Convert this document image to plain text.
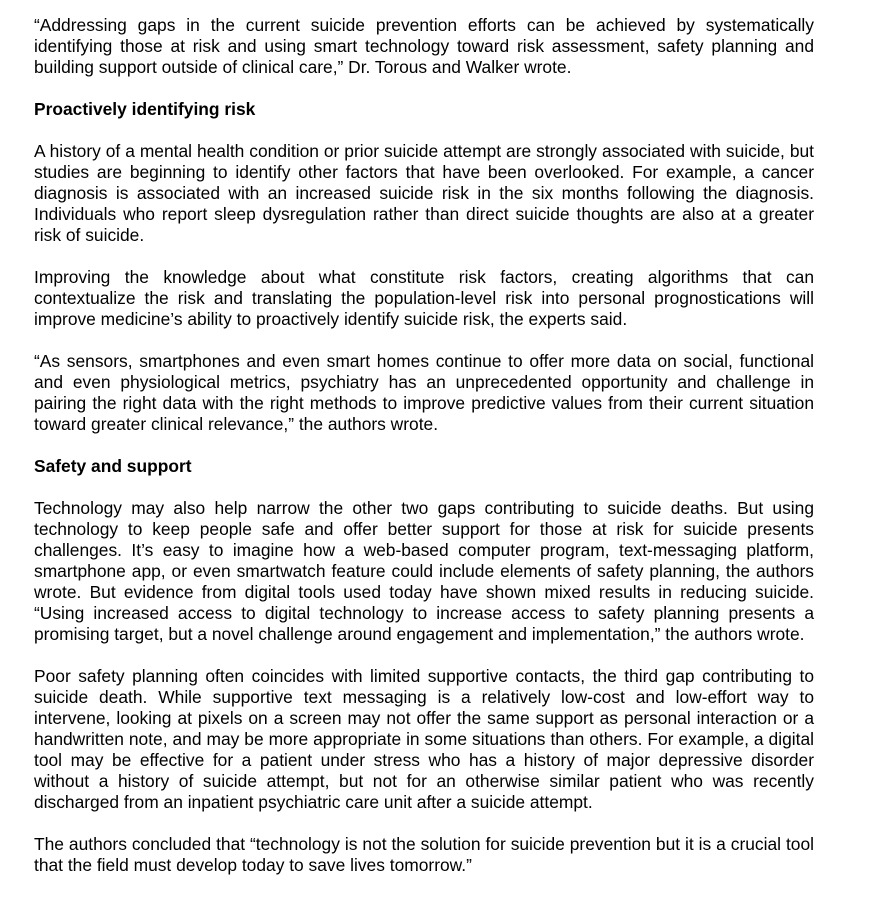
“Addressing gaps in the current suicide prevention efforts can be achieved by systematically identifying those at risk and using smart technology toward risk assessment, safety planning and building support outside of clinical care,” Dr. Torous and Walker wrote.

Proactively identifying risk

A history of a mental health condition or prior suicide attempt are strongly associated with suicide, but studies are beginning to identify other factors that have been overlooked. For example, a cancer diagnosis is associated with an increased suicide risk in the six months following the diagnosis. Individuals who report sleep dysregulation rather than direct suicide thoughts are also at a greater risk of suicide.

Improving the knowledge about what constitute risk factors, creating algorithms that can contextualize the risk and translating the population-level risk into personal prognostications will improve medicine’s ability to proactively identify suicide risk, the experts said.

“As sensors, smartphones and even smart homes continue to offer more data on social, functional and even physiological metrics, psychiatry has an unprecedented opportunity and challenge in pairing the right data with the right methods to improve predictive values from their current situation toward greater clinical relevance,” the authors wrote.

Safety and support

Technology may also help narrow the other two gaps contributing to suicide deaths. But using technology to keep people safe and offer better support for those at risk for suicide presents challenges. It’s easy to imagine how a web-based computer program, text-messaging platform, smartphone app, or even smartwatch feature could include elements of safety planning, the authors wrote. But evidence from digital tools used today have shown mixed results in reducing suicide. “Using increased access to digital technology to increase access to safety planning presents a promising target, but a novel challenge around engagement and implementation,” the authors wrote.

Poor safety planning often coincides with limited supportive contacts, the third gap contributing to suicide death. While supportive text messaging is a relatively low-cost and low-effort way to intervene, looking at pixels on a screen may not offer the same support as personal interaction or a handwritten note, and may be more appropriate in some situations than others. For example, a digital tool may be effective for a patient under stress who has a history of major depressive disorder without a history of suicide attempt, but not for an otherwise similar patient who was recently discharged from an inpatient psychiatric care unit after a suicide attempt.

The authors concluded that “technology is not the solution for suicide prevention but it is a crucial tool that the field must develop today to save lives tomorrow.”
